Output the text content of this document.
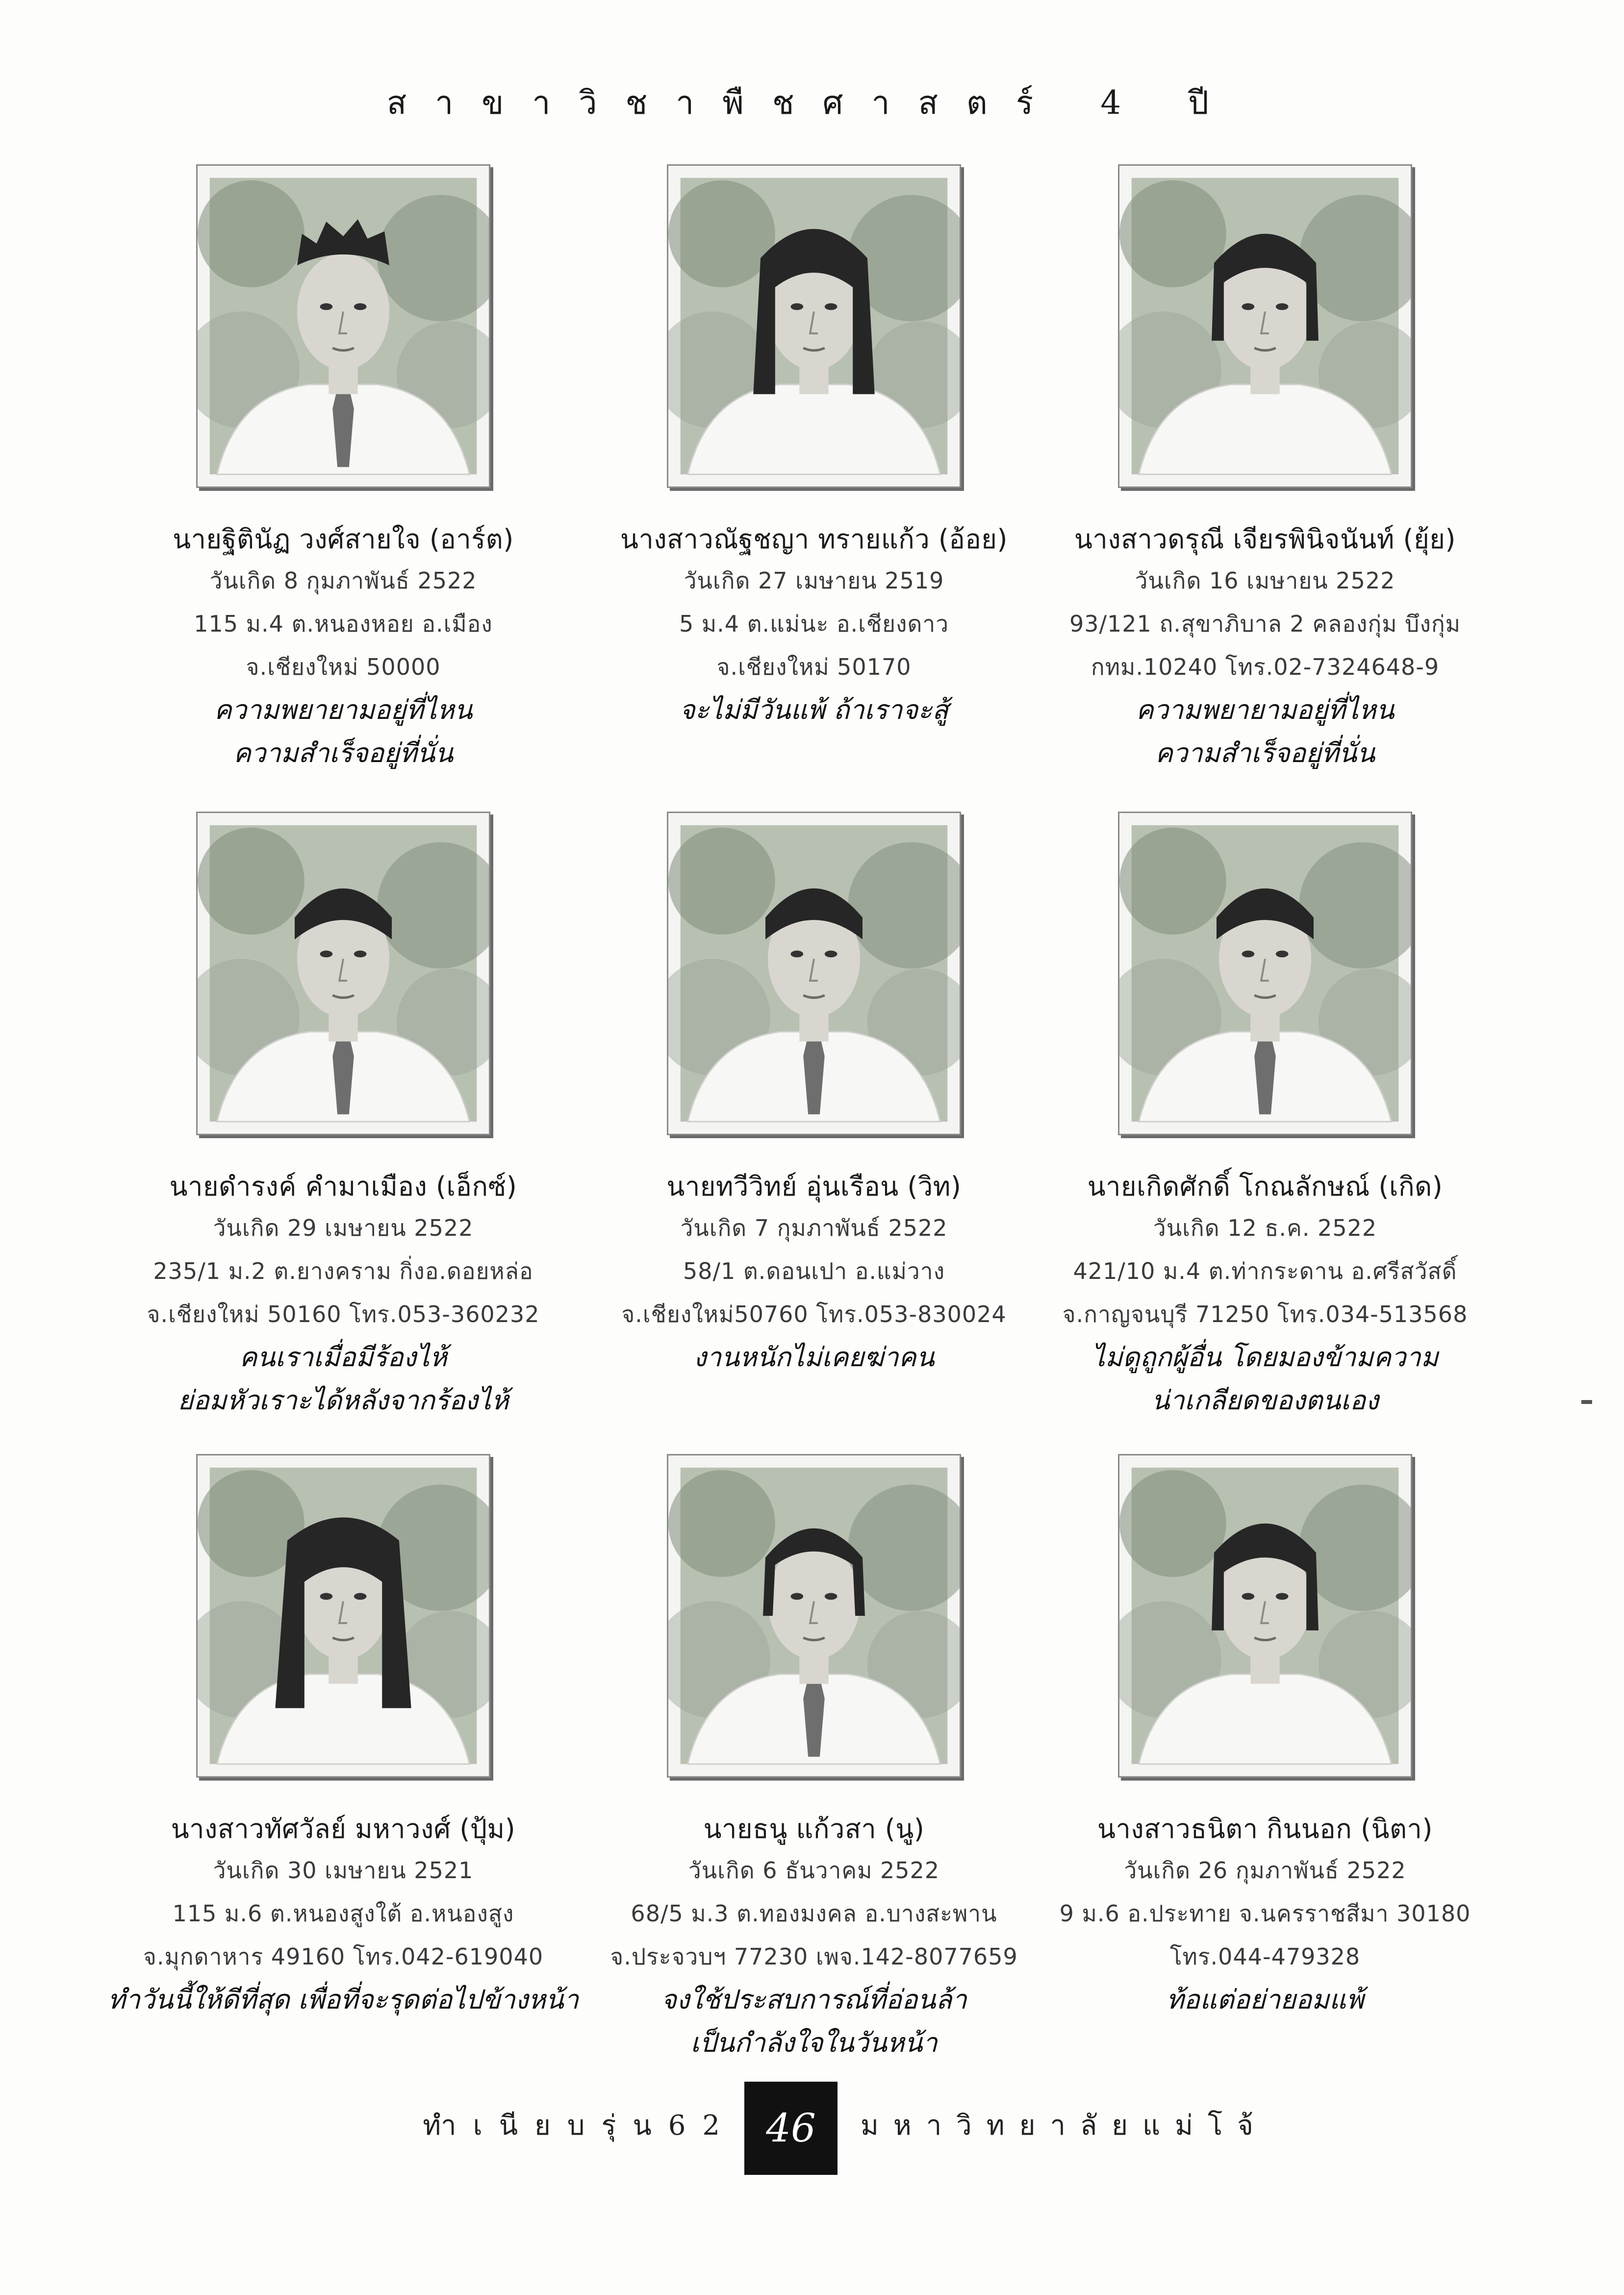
สาขาวิชาพืชศาสตร์ 4 ปี
นายฐิตินัฏ วงศ์สายใจ (อาร์ต)
วันเกิด 8 กุมภาพันธ์ 2522
115 ม.4 ต.หนองหอย อ.เมือง
จ.เชียงใหม่ 50000
ความพยายามอยู่ที่ไหน
ความสำเร็จอยู่ที่นั่น
นางสาวณัฐชญา ทรายแก้ว (อ้อย)
วันเกิด 27 เมษายน 2519
5 ม.4 ต.แม่นะ อ.เชียงดาว
จ.เชียงใหม่ 50170
จะไม่มีวันแพ้ ถ้าเราจะสู้
นางสาวดรุณี เจียรพินิจนันท์ (ยุ้ย)
วันเกิด 16 เมษายน 2522
93/121 ถ.สุขาภิบาล 2 คลองกุ่ม บึงกุ่ม
กทม.10240 โทร.02-7324648-9
ความพยายามอยู่ที่ไหน
ความสำเร็จอยู่ที่นั่น
นายดำรงค์ คำมาเมือง (เอ็กซ์)
วันเกิด 29 เมษายน 2522
235/1 ม.2 ต.ยางคราม กิ่งอ.ดอยหล่อ
จ.เชียงใหม่ 50160 โทร.053-360232
คนเราเมื่อมีร้องไห้
ย่อมหัวเราะได้หลังจากร้องไห้
นายทวีวิทย์ อุ่นเรือน (วิท)
วันเกิด 7 กุมภาพันธ์ 2522
58/1 ต.ดอนเปา อ.แม่วาง
จ.เชียงใหม่50760 โทร.053-830024
งานหนักไม่เคยฆ่าคน
นายเกิดศักดิ์ โกณลักษณ์ (เกิด)
วันเกิด 12 ธ.ค. 2522
421/10 ม.4 ต.ท่ากระดาน อ.ศรีสวัสดิ์
จ.กาญจนบุรี 71250 โทร.034-513568
ไม่ดูถูกผู้อื่น โดยมองข้ามความ
น่าเกลียดของตนเอง
นางสาวทัศวัลย์ มหาวงศ์ (ปุ้ม)
วันเกิด 30 เมษายน 2521
115 ม.6 ต.หนองสูงใต้ อ.หนองสูง
จ.มุกดาหาร 49160 โทร.042-619040
ทำวันนี้ให้ดีที่สุด เพื่อที่จะรุดต่อไปข้างหน้า
นายธนู แก้วสา (นู)
วันเกิด 6 ธันวาคม 2522
68/5 ม.3 ต.ทองมงคล อ.บางสะพาน
จ.ประจวบฯ 77230 เพจ.142-8077659
จงใช้ประสบการณ์ที่อ่อนล้า
เป็นกำลังใจในวันหน้า
นางสาวธนิตา กินนอก (นิตา)
วันเกิด 26 กุมภาพันธ์ 2522
9 ม.6 อ.ประทาย จ.นครราชสีมา 30180
โทร.044-479328
ท้อแต่อย่ายอมแพ้
ทำเนียบรุ่น62 46	มหาวิทยาลัยแม่โจ้
